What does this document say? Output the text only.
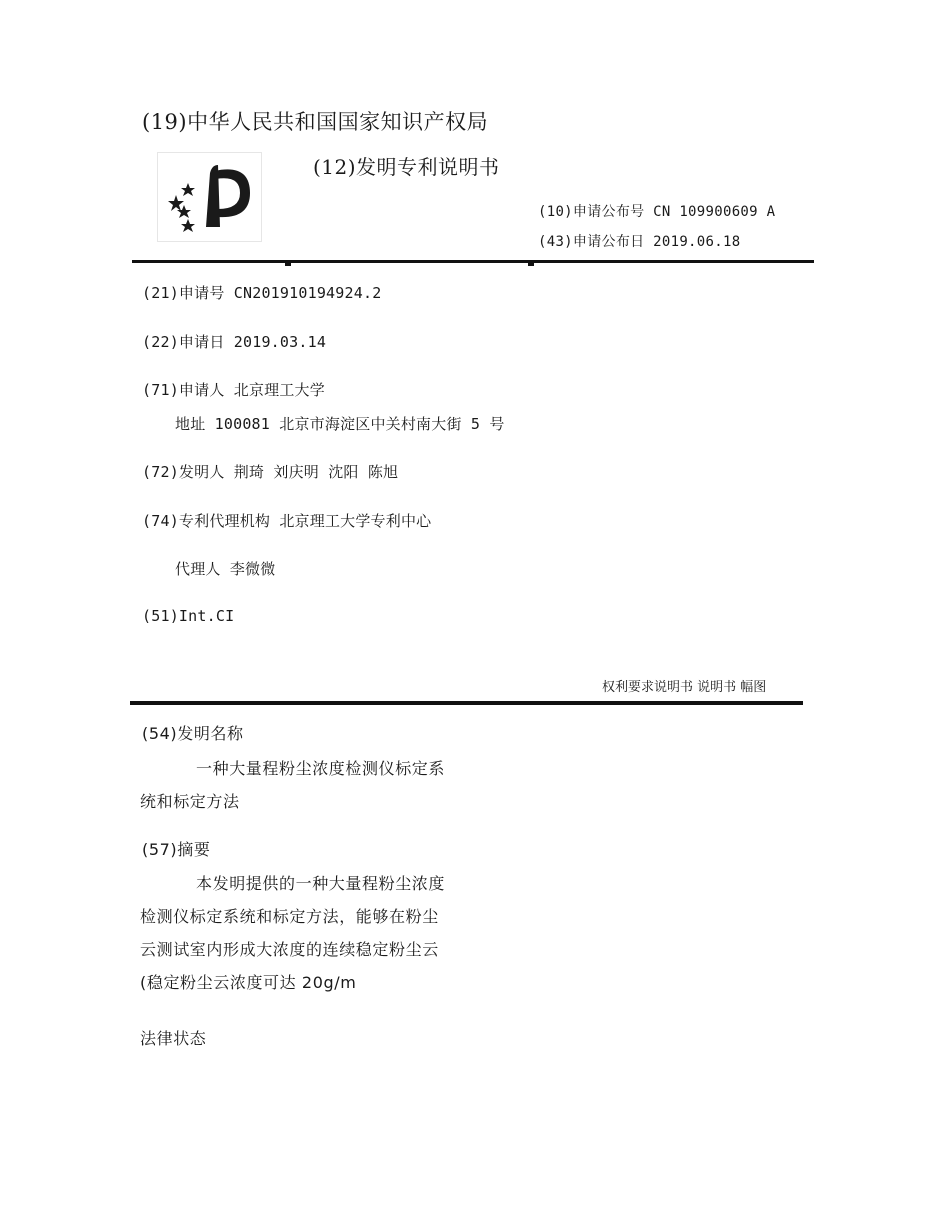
(19)中华人民共和国国家知识产权局
(12)发明专利说明书
(10)申请公布号 CN 109900609 A
(43)申请公布日 2019.06.18
(21)申请号 CN201910194924.2
(22)申请日 2019.03.14
(71)申请人 北京理工大学
地址 100081 北京市海淀区中关村南大街 5 号
(72)发明人 荆琦 刘庆明 沈阳 陈旭
(74)专利代理机构 北京理工大学专利中心
代理人 李微微
(51)Int.CI
权利要求说明书 说明书 幅图
(54)发明名称
一种大量程粉尘浓度检测仪标定系
统和标定方法
(57)摘要
本发明提供的一种大量程粉尘浓度
检测仪标定系统和标定方法，能够在粉尘
云测试室内形成大浓度的连续稳定粉尘云
(稳定粉尘云浓度可达 20g/m
法律状态
